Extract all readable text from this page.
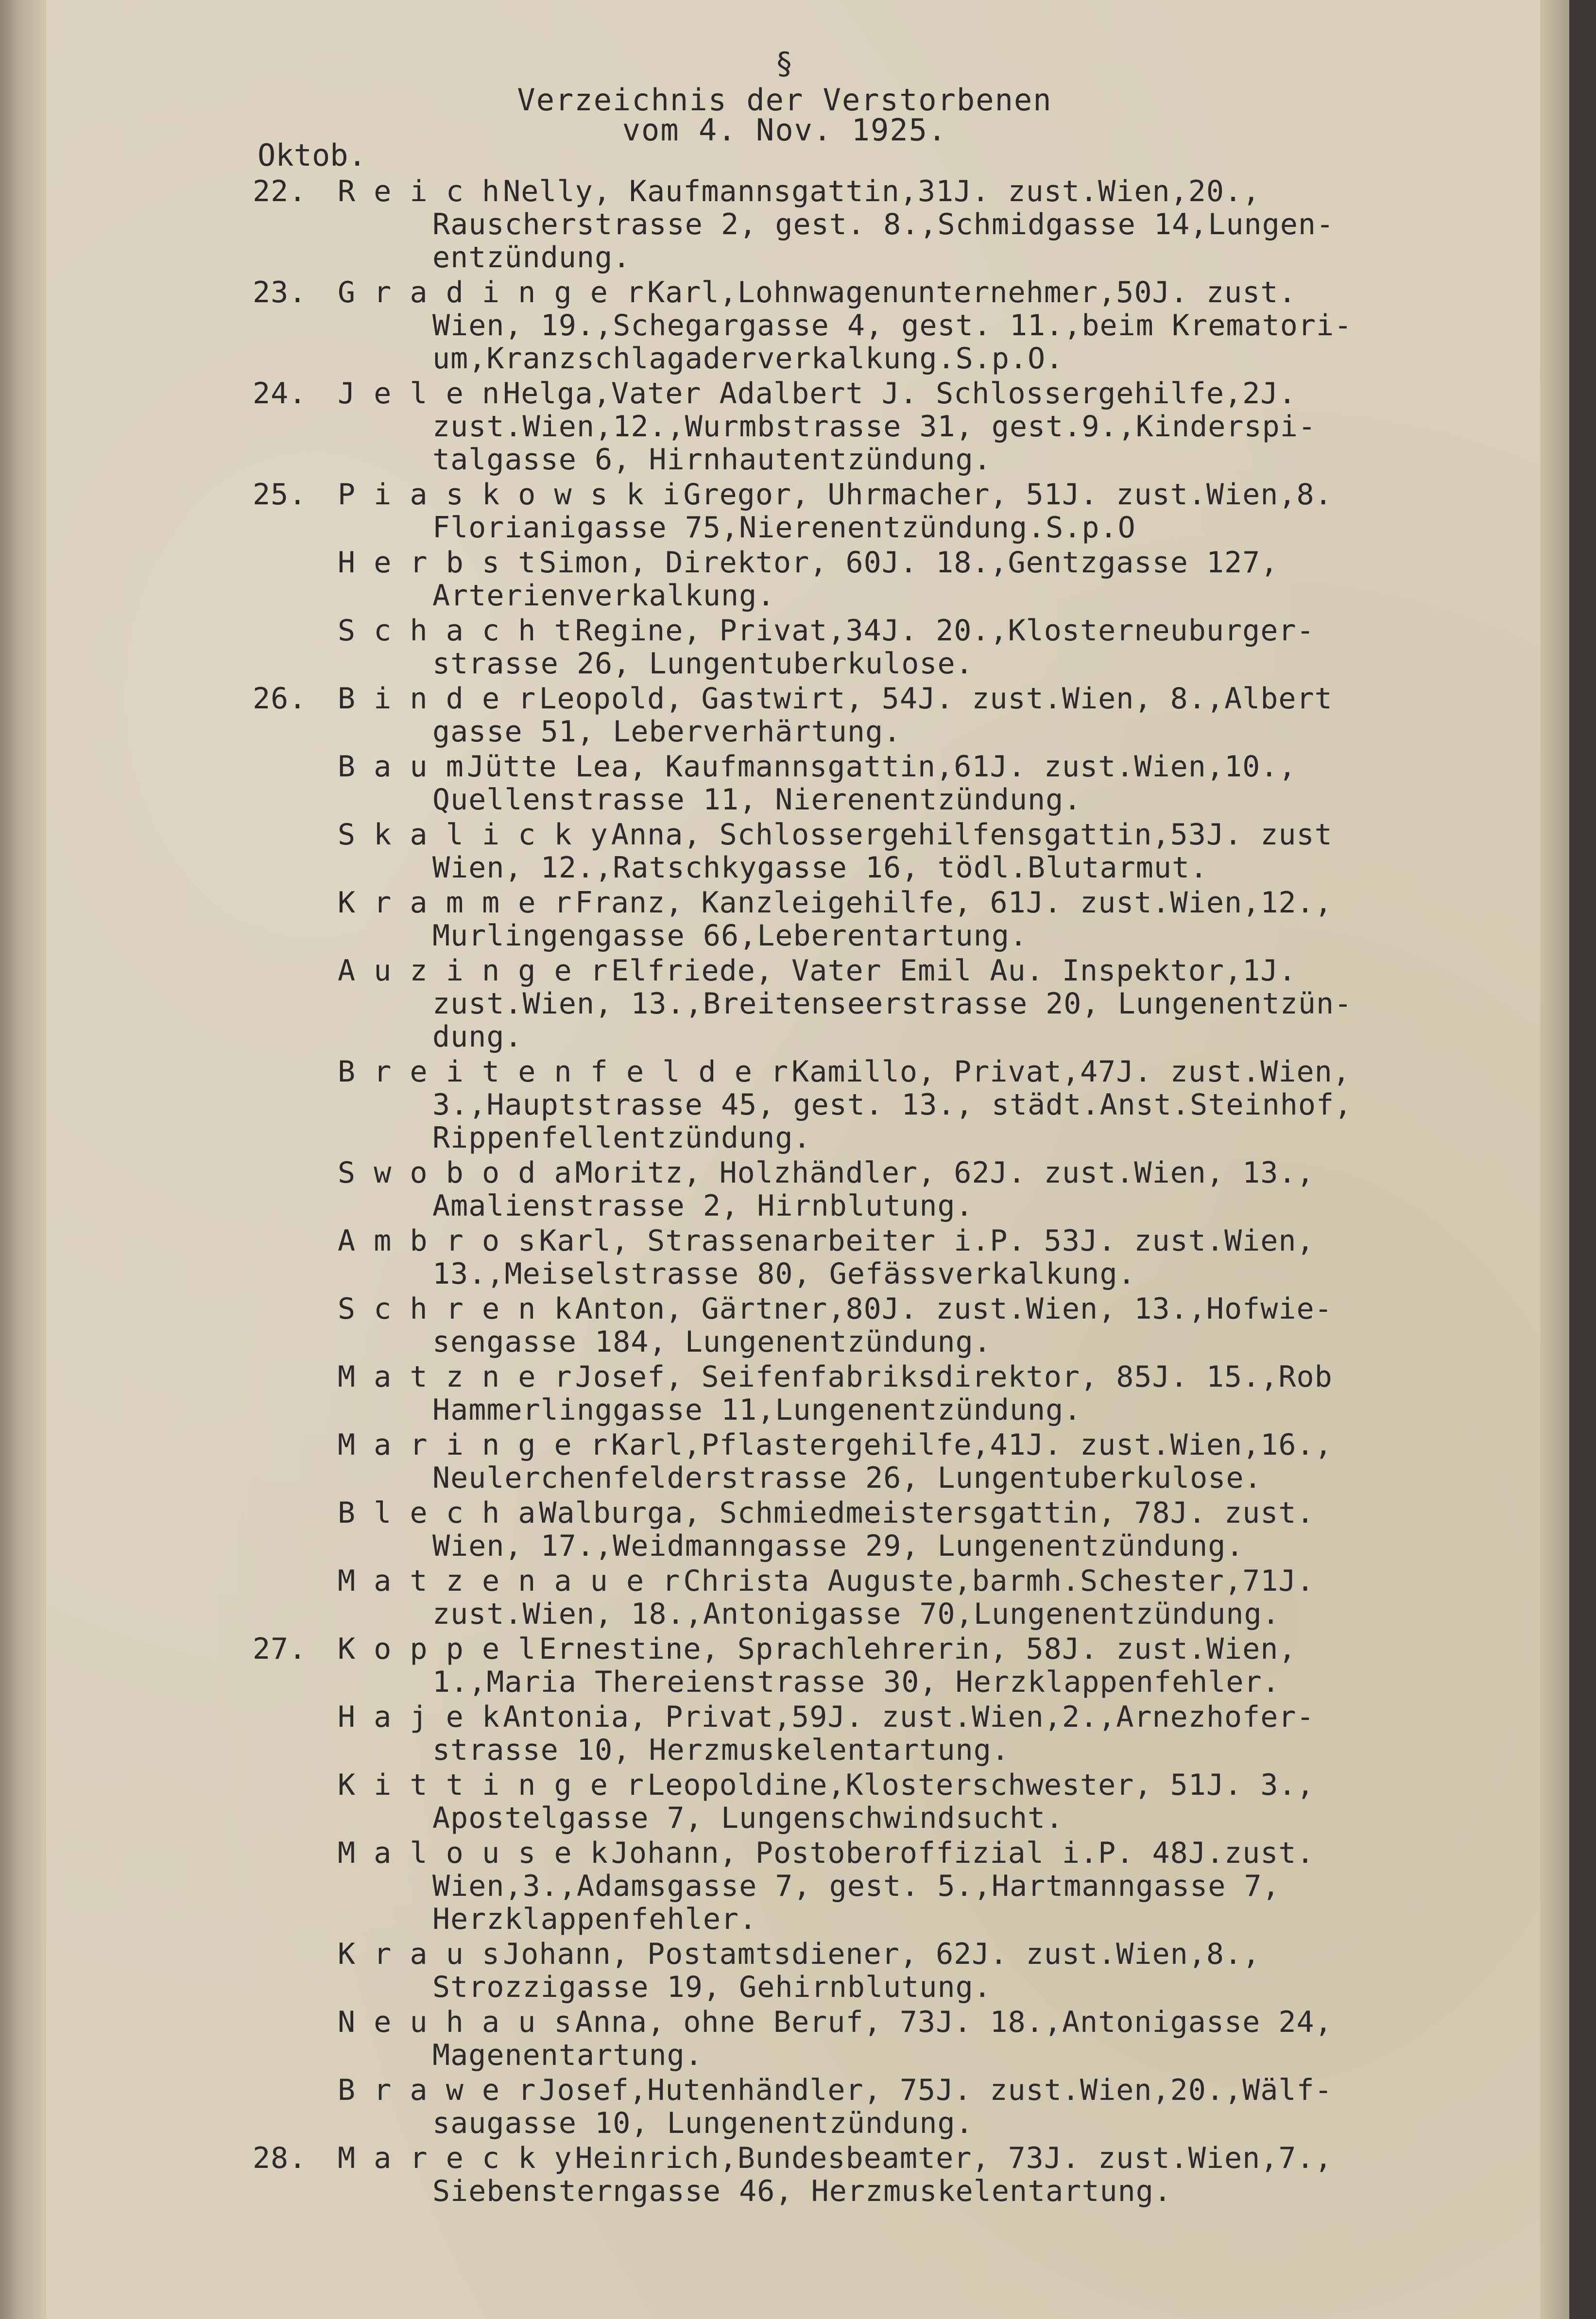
§
Verzeichnis der Verstorbenen
vom 4. Nov. 1925.
Oktob.
22.	R e i c h Nelly, Kaufmannsgattin,31J. zust.Wien,20.,
Rauscherstrasse 2, gest. 8.,Schmidgasse 14,Lungen-
entzündung.
23.	G r a d i n g e r Karl,Lohnwagenunternehmer,50J. zust.
Wien, 19.,Schegargasse 4, gest. 11.,beim Krematori-
um,Kranzschlagaderverkalkung.S.p.O.
24.	J e l e n Helga,Vater Adalbert J. Schlossergehilfe,2J.
zust.Wien,12.,Wurmbstrasse 31, gest.9.,Kinderspi-
talgasse 6, Hirnhautentzündung.
25.	P i a s k o w s k i Gregor, Uhrmacher, 51J. zust.Wien,8.
Florianigasse 75,Nierenentzündung.S.p.O
H e r b s t Simon, Direktor, 60J. 18.,Gentzgasse 127,
Arterienverkalkung.
S c h a c h t Regine, Privat,34J. 20.,Klosterneuburger-
strasse 26, Lungentuberkulose.
26.	B i n d e r Leopold, Gastwirt, 54J. zust.Wien, 8.,Albert
gasse 51, Leberverhärtung.
B a u m Jütte Lea, Kaufmannsgattin,61J. zust.Wien,10.,
Quellenstrasse 11, Nierenentzündung.
S k a l i c k y Anna, Schlossergehilfensgattin,53J. zust
Wien, 12.,Ratschkygasse 16, tödl.Blutarmut.
K r a m m e r Franz, Kanzleigehilfe, 61J. zust.Wien,12.,
Murlingengasse 66,Leberentartung.
A u z i n g e r Elfriede, Vater Emil Au. Inspektor,1J.
zust.Wien, 13.,Breitenseerstrasse 20, Lungenentzün-
dung.
B r e i t e n f e l d e r Kamillo, Privat,47J. zust.Wien,
3.,Hauptstrasse 45, gest. 13., städt.Anst.Steinhof,
Rippenfellentzündung.
S w o b o d a Moritz, Holzhändler, 62J. zust.Wien, 13.,
Amalienstrasse 2, Hirnblutung.
A m b r o s Karl, Strassenarbeiter i.P. 53J. zust.Wien,
13.,Meiselstrasse 80, Gefässverkalkung.
S c h r e n k Anton, Gärtner,80J. zust.Wien, 13.,Hofwie-
sengasse 184, Lungenentzündung.
M a t z n e r Josef, Seifenfabriksdirektor, 85J. 15.,Rob
Hammerlinggasse 11,Lungenentzündung.
M a r i n g e r Karl,Pflastergehilfe,41J. zust.Wien,16.,
Neulerchenfelderstrasse 26, Lungentuberkulose.
B l e c h a Walburga, Schmiedmeistersgattin, 78J. zust.
Wien, 17.,Weidmanngasse 29, Lungenentzündung.
M a t z e n a u e r Christa Auguste,barmh.Schester,71J.
zust.Wien, 18.,Antonigasse 70,Lungenentzündung.
27.	K o p p e l Ernestine, Sprachlehrerin, 58J. zust.Wien,
1.,Maria Thereienstrasse 30, Herzklappenfehler.
H a j e k Antonia, Privat,59J. zust.Wien,2.,Arnezhofer-
strasse 10, Herzmuskelentartung.
K i t t i n g e r Leopoldine,Klosterschwester, 51J. 3.,
Apostelgasse 7, Lungenschwindsucht.
M a l o u s e k Johann, Postoberoffizial i.P. 48J.zust.
Wien,3.,Adamsgasse 7, gest. 5.,Hartmanngasse 7,
Herzklappenfehler.
K r a u s Johann, Postamtsdiener, 62J. zust.Wien,8.,
Strozzigasse 19, Gehirnblutung.
N e u h a u s Anna, ohne Beruf, 73J. 18.,Antonigasse 24,
Magenentartung.
B r a w e r Josef,Hutenhändler, 75J. zust.Wien,20.,Wälf-
saugasse 10, Lungenentzündung.
28.	M a r e c k y Heinrich,Bundesbeamter, 73J. zust.Wien,7.,
Siebensterngasse 46, Herzmuskelentartung.
